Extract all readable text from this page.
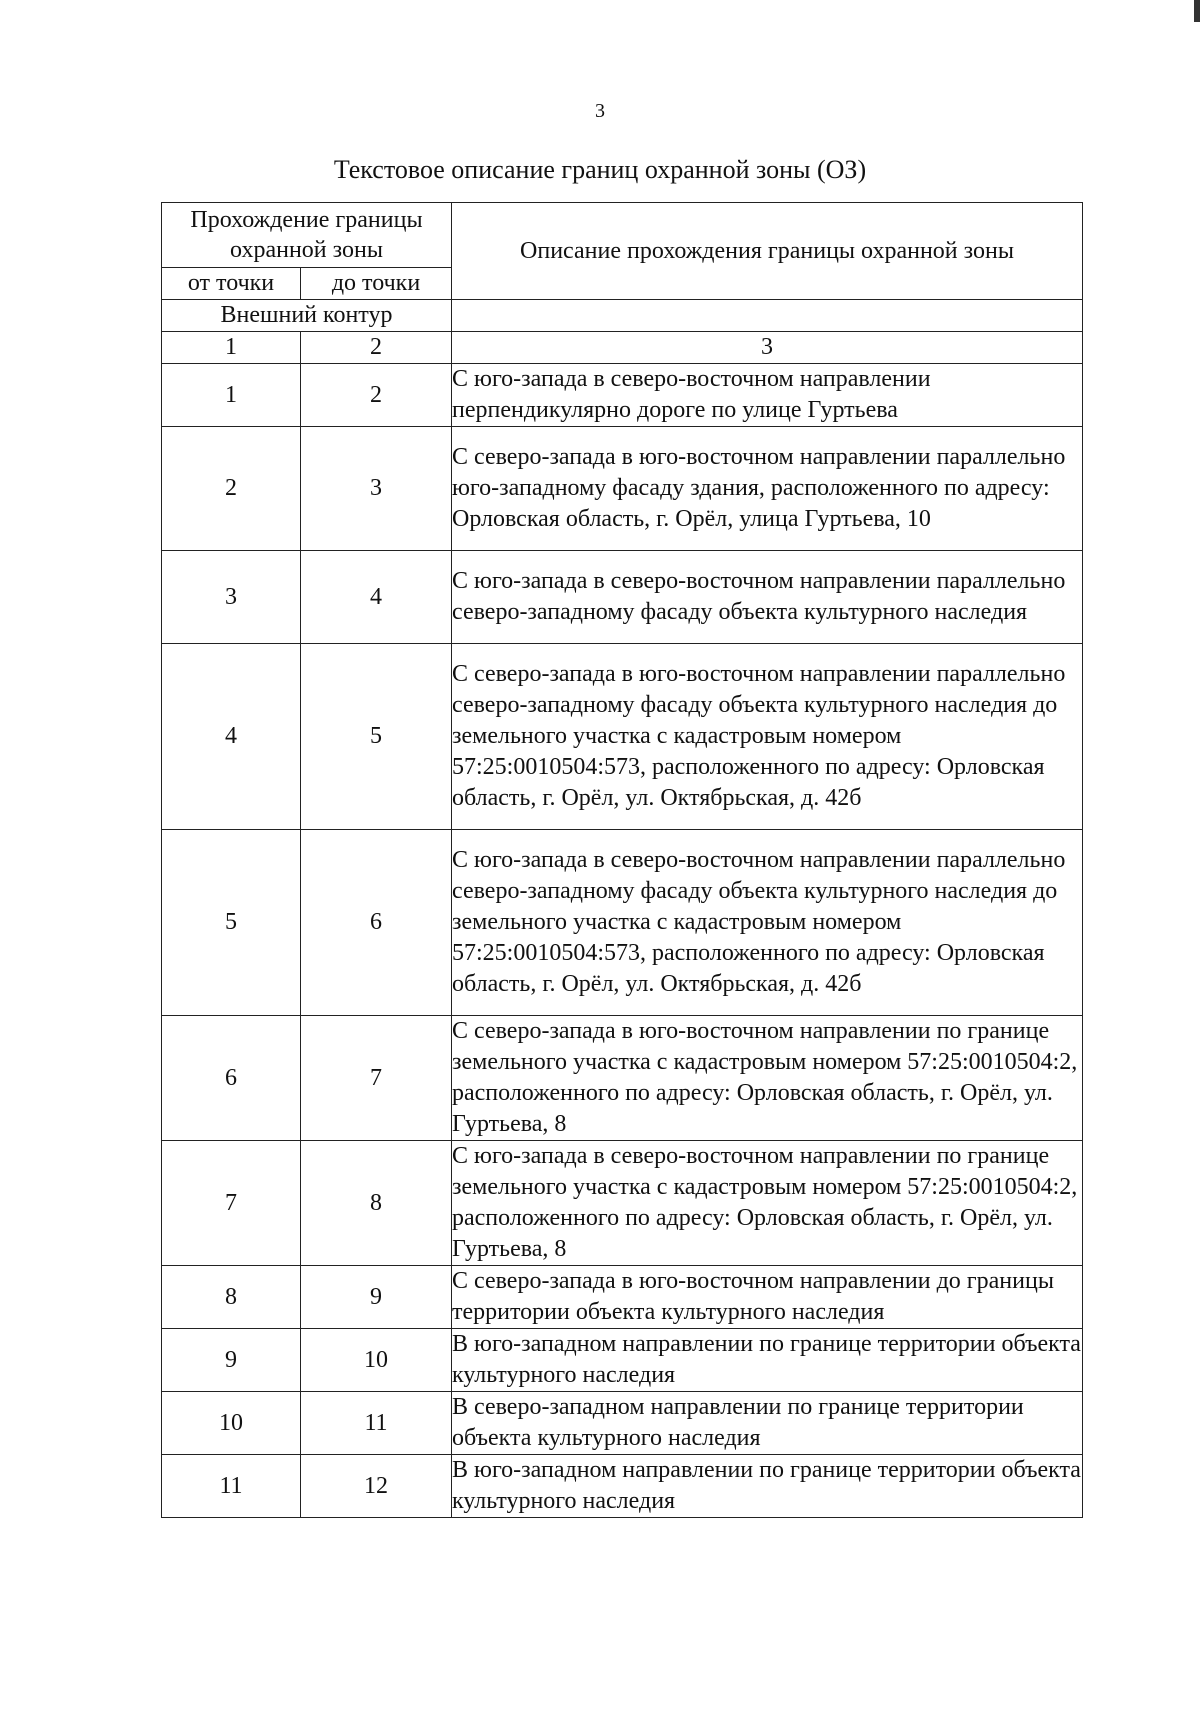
3
Текстовое описание границ охранной зоны (ОЗ)
Прохождение границы охранной зоны		Описание прохождения границы охранной зоны
от точки	до точки	
Внешний контур		
1	2	3
1	2	С юго-запада в северо-восточном направлении перпендикулярно дороге по улице Гуртьева
2	3	С северо-запада в юго-восточном направлении параллельно юго-западному фасаду здания, расположенного по адресу: Орловская область, г. Орёл, улица Гуртьева, 10
3	4	С юго-запада в северо-восточном направлении параллельно северо-западному фасаду объекта культурного наследия
4	5	С северо-запада в юго-восточном направлении параллельно северо-западному фасаду объекта культурного наследия до земельного участка с кадастровым номером 57:25:0010504:573, расположенного по адресу: Орловская область, г. Орёл, ул. Октябрьская, д. 42б
5	6	С юго-запада в северо-восточном направлении параллельно северо-западному фасаду объекта культурного наследия до земельного участка с кадастровым номером 57:25:0010504:573, расположенного по адресу: Орловская область, г. Орёл, ул. Октябрьская, д. 42б
6	7	С северо-запада в юго-восточном направлении по границе земельного участка с кадастровым номером 57:25:0010504:2, расположенного по адресу: Орловская область, г. Орёл, ул. Гуртьева, 8
7	8	С юго-запада в северо-восточном направлении по границе земельного участка с кадастровым номером 57:25:0010504:2, расположенного по адресу: Орловская область, г. Орёл, ул. Гуртьева, 8
8	9	С северо-запада в юго-восточном направлении до границы территории объекта культурного наследия
9	10	В юго-западном направлении по границе территории объекта культурного наследия
10	11	В северо-западном направлении по границе территории объекта культурного наследия
11	12	В юго-западном направлении по границе территории объекта культурного наследия
